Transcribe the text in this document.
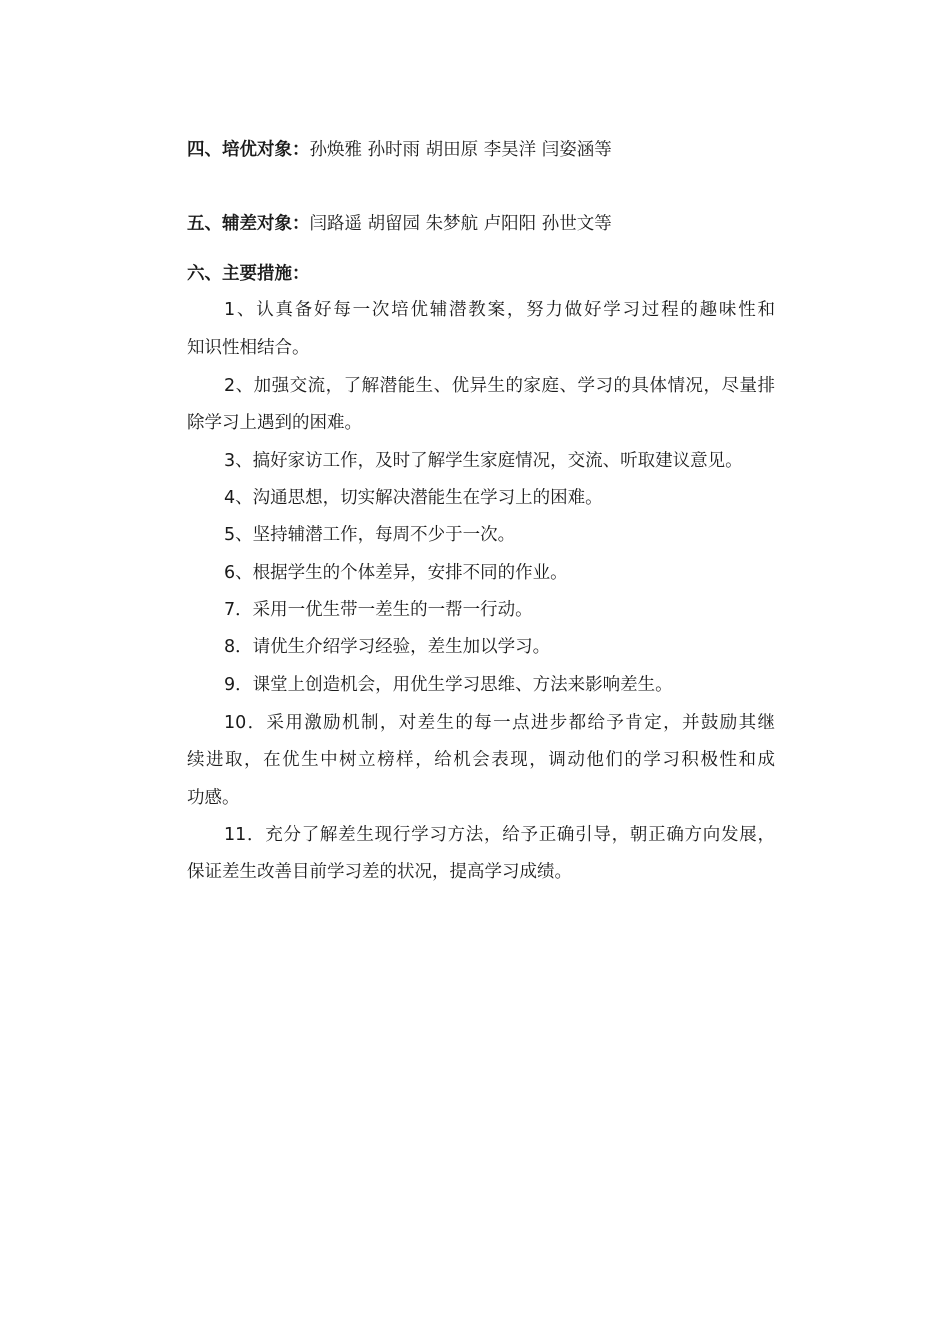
四、培优对象：孙焕雅 孙时雨 胡田原 李昊洋 闫姿涵等
五、辅差对象：闫路遥 胡留园 朱梦航 卢阳阳 孙世文等
六、主要措施：
1、认真备好每一次培优辅潜教案，努力做好学习过程的趣味性和
知识性相结合。
2、加强交流，了解潜能生、优异生的家庭、学习的具体情况，尽量排
除学习上遇到的困难。
3、搞好家访工作，及时了解学生家庭情况，交流、听取建议意见。
4、沟通思想，切实解决潜能生在学习上的困难。
5、坚持辅潜工作，每周不少于一次。
6、根据学生的个体差异，安排不同的作业。
7．采用一优生带一差生的一帮一行动。
8．请优生介绍学习经验，差生加以学习。
9．课堂上创造机会，用优生学习思维、方法来影响差生。
10．采用激励机制，对差生的每一点进步都给予肯定，并鼓励其继
续进取，在优生中树立榜样，给机会表现，调动他们的学习积极性和成
功感。
11．充分了解差生现行学习方法，给予正确引导，朝正确方向发展，
保证差生改善目前学习差的状况，提高学习成绩。
